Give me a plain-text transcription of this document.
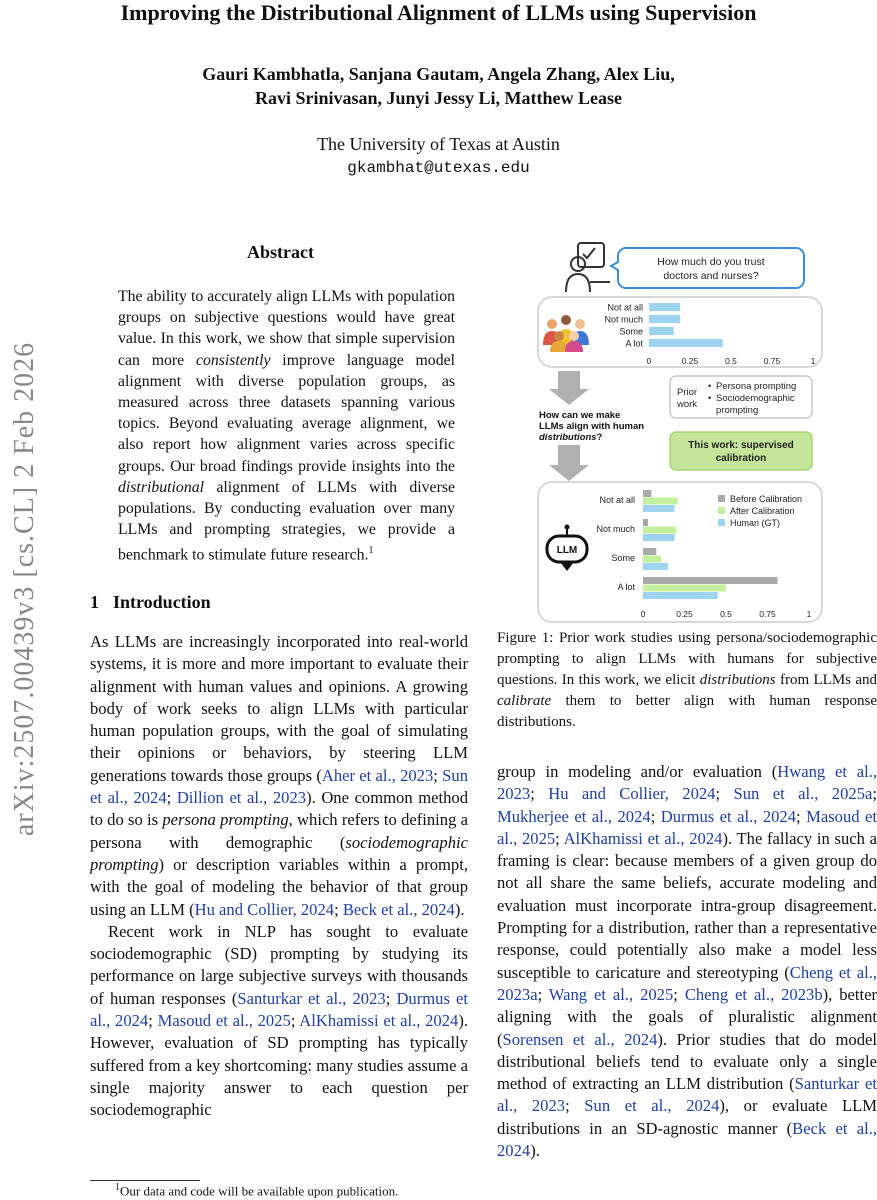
Improving the Distributional Alignment of LLMs using Supervision
Gauri Kambhatla, Sanjana Gautam, Angela Zhang, Alex Liu,
Ravi Srinivasan, Junyi Jessy Li, Matthew Lease
The University of Texas at Austin
gkambhat@utexas.edu
arXiv:2507.00439v3 [cs.CL] 2 Feb 2026
Abstract
The ability to accurately align LLMs with population groups on subjective questions would have great value. In this work, we show that simple supervision can more consistently improve language model alignment with diverse population groups, as measured across three datasets spanning various topics. Beyond evaluating average alignment, we also report how alignment varies across specific groups. Our broad findings provide insights into the distributional alignment of LLMs with diverse populations. By conducting evaluation over many LLMs and prompting strategies, we provide a benchmark to stimulate future research.$^1$
1 Introduction

As LLMs are increasingly incorporated into real-world systems, it is more and more important to evaluate their alignment with human values and opinions. A growing body of work seeks to align LLMs with particular human population groups, with the goal of simulating their opinions or behaviors, by steering LLM generations towards those groups (Aher et al., 2023; Sun et al., 2024; Dillion et al., 2023). One common method to do so is persona prompting, which refers to defining a persona with demographic (sociodemographic prompting) or description variables within a prompt, with the goal of modeling the behavior of that group using an LLM (Hu and Collier, 2024; Beck et al., 2024).

Recent work in NLP has sought to evaluate sociodemographic (SD) prompting by studying its performance on large subjective surveys with thousands of human responses (Santurkar et al., 2023; Durmus et al., 2024; Masoud et al., 2025; AlKhamissi et al., 2024). However, evaluation of SD prompting has typically suffered from a key shortcoming: many studies assume a single majority answer to each question per sociodemographic

group in modeling and/or evaluation (Hwang et al., 2023; Hu and Collier, 2024; Sun et al., 2025a; Mukherjee et al., 2024; Durmus et al., 2024; Masoud et al., 2025; AlKhamissi et al., 2024). The fallacy in such a framing is clear: because members of a given group do not all share the same beliefs, accurate modeling and evaluation must incorporate intra-group disagreement. Prompting for a distribution, rather than a representative response, could potentially also make a model less susceptible to caricature and stereotyping (Cheng et al., 2023a; Wang et al., 2025; Cheng et al., 2023b), better aligning with the goals of pluralistic alignment (Sorensen et al., 2024). Prior studies that do model distributional beliefs tend to evaluate only a single method of extracting an LLM distribution (Santurkar et al., 2023; Sun et al., 2024), or evaluate LLM distributions in an SD-agnostic manner (Beck et al., 2024).

How much do you trust
doctors and nurses?
Not at all
Not much
Some
A lot
0	0.25	0.5	0.75	1
How can we make
LLMs align with human
distributions?
Prior
work
•
•
Persona prompting
Sociodemographic
prompting
This work: supervised
calibration
LLM
Not at all
Not much
Some
A lot
Before Calibration
After Calibration
Human (GT)
0	0.25	0.5	0.75	1
Figure 1: Prior work studies using persona/sociodemographic prompting to align LLMs with humans for subjective questions. In this work, we elicit distributions from LLMs and calibrate them to better align with human response distributions.
$^1$Our data and code will be available upon publication.
